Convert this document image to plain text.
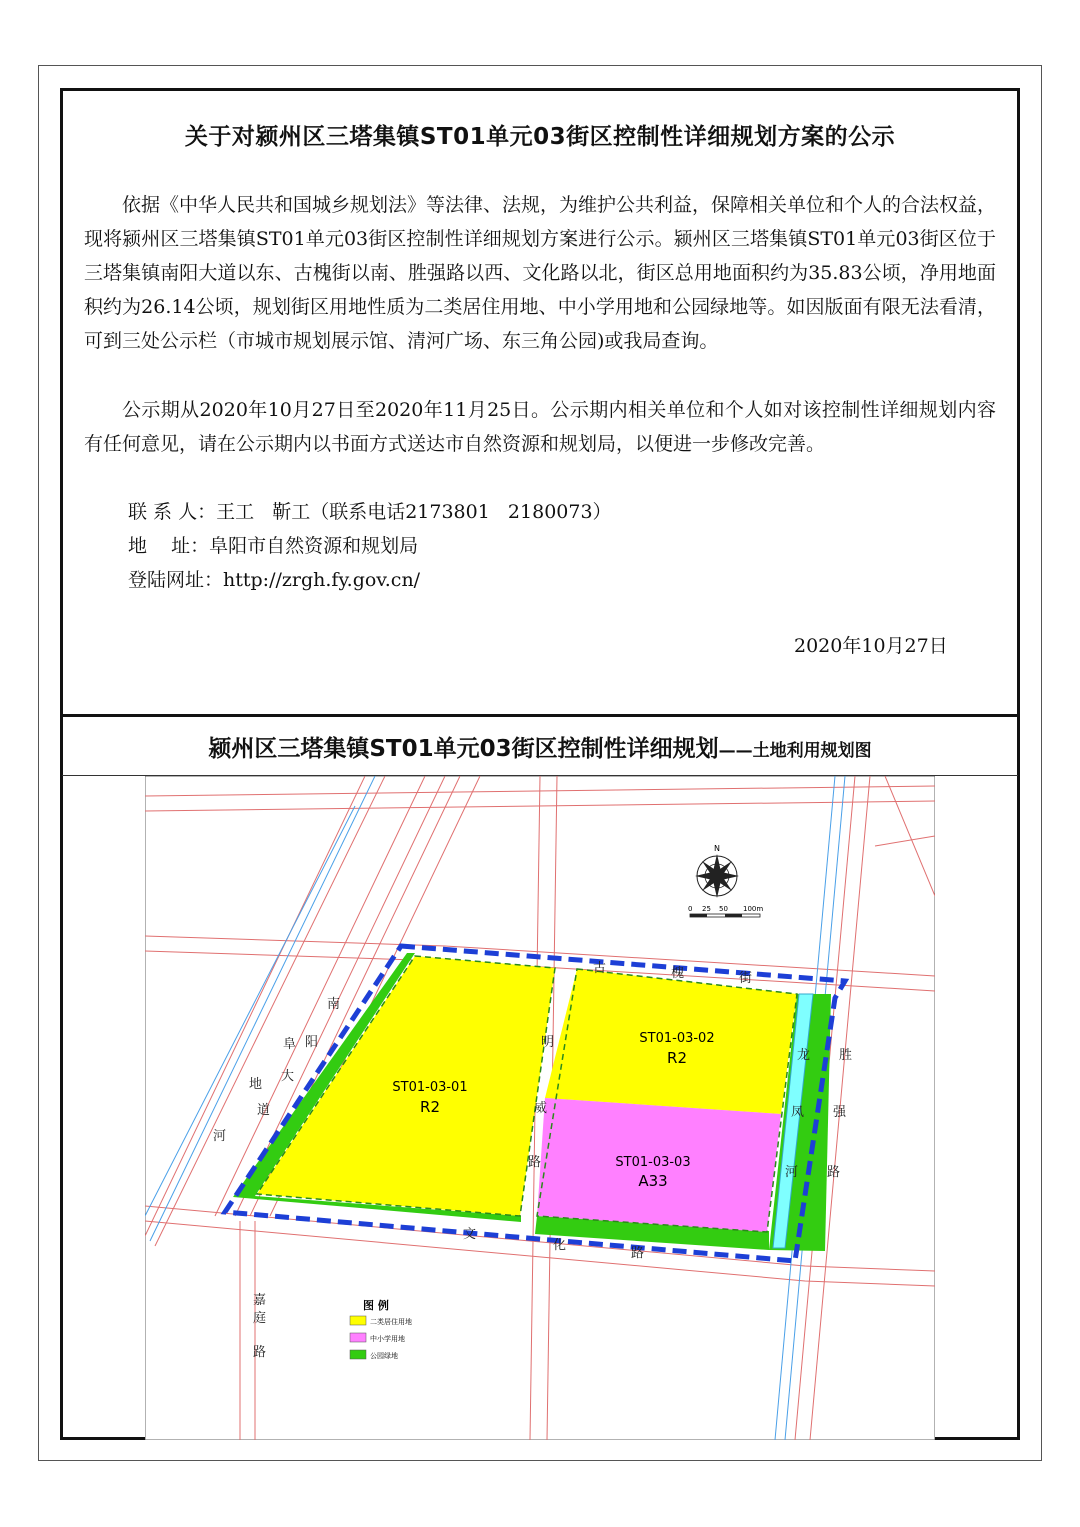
关于对颍州区三塔集镇ST01单元03街区控制性详细规划方案的公示

依据《中华人民共和国城乡规划法》等法律、法规，为维护公共利益，保障相关单位和个人的合法权益，现将颍州区三塔集镇ST01单元03街区控制性详细规划方案进行公示。颍州区三塔集镇ST01单元03街区位于三塔集镇南阳大道以东、古槐街以南、胜强路以西、文化路以北，街区总用地面积约为35.83公顷，净用地面积约为26.14公顷，规划街区用地性质为二类居住用地、中小学用地和公园绿地等。如因版面有限无法看清，可到三处公示栏（市城市规划展示馆、清河广场、东三角公园)或我局查询。

公示期从2020年10月27日至2020年11月25日。公示期内相关单位和个人如对该控制性详细规划内容有任何意见，请在公示期内以书面方式送达市自然资源和规划局，以便进一步修改完善。

联 系 人：王工   靳工（联系电话2173801   2180073）
地    址：阜阳市自然资源和规划局
登陆网址：http://zrgh.fy.gov.cn/
2020年10月27日
颍州区三塔集镇ST01单元03街区控制性详细规划——土地利用规划图
ST01-03-01
R2
ST01-03-02
R2
ST01-03-03
A33
阜
地
河
南
阳
大
道
明
威
路
古	槐	街
龙
凤
河
胜
强
路
文
化
路
嘉
庭
路
N
0 25 50 100m
图 例
二类居住用地
中小学用地
公园绿地
